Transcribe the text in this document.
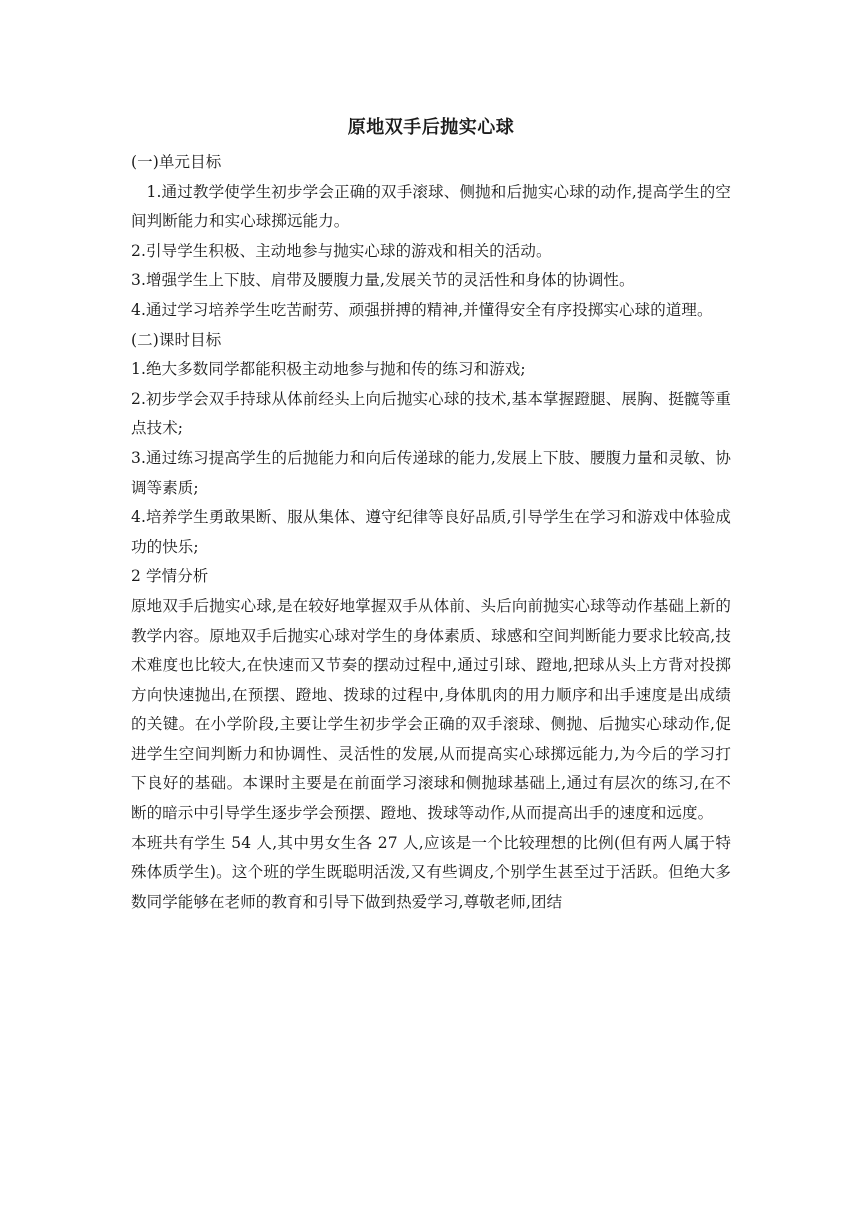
原地双手后抛实心球

(一)单元目标

1.通过教学使学生初步学会正确的双手滚球、侧抛和后抛实心球的动作,提高学生的空间判断能力和实心球掷远能力。

2.引导学生积极、主动地参与抛实心球的游戏和相关的活动。

3.增强学生上下肢、肩带及腰腹力量,发展关节的灵活性和身体的协调性。

4.通过学习培养学生吃苦耐劳、顽强拼搏的精神,并懂得安全有序投掷实心球的道理。

(二)课时目标

1.绝大多数同学都能积极主动地参与抛和传的练习和游戏;

2.初步学会双手持球从体前经头上向后抛实心球的技术,基本掌握蹬腿、展胸、挺髋等重点技术;

3.通过练习提高学生的后抛能力和向后传递球的能力,发展上下肢、腰腹力量和灵敏、协调等素质;

4.培养学生勇敢果断、服从集体、遵守纪律等良好品质,引导学生在学习和游戏中体验成功的快乐;

2 学情分析

原地双手后抛实心球,是在较好地掌握双手从体前、头后向前抛实心球等动作基础上新的教学内容。原地双手后抛实心球对学生的身体素质、球感和空间判断能力要求比较高,技术难度也比较大,在快速而又节奏的摆动过程中,通过引球、蹬地,把球从头上方背对投掷方向快速抛出,在预摆、蹬地、拨球的过程中,身体肌肉的用力顺序和出手速度是出成绩的关键。在小学阶段,主要让学生初步学会正确的双手滚球、侧抛、后抛实心球动作,促进学生空间判断力和协调性、灵活性的发展,从而提高实心球掷远能力,为今后的学习打下良好的基础。本课时主要是在前面学习滚球和侧抛球基础上,通过有层次的练习,在不断的暗示中引导学生逐步学会预摆、蹬地、拨球等动作,从而提高出手的速度和远度。

本班共有学生 54 人,其中男女生各 27 人,应该是一个比较理想的比例(但有两人属于特殊体质学生)。这个班的学生既聪明活泼,又有些调皮,个别学生甚至过于活跃。但绝大多数同学能够在老师的教育和引导下做到热爱学习,尊敬老师,团结
